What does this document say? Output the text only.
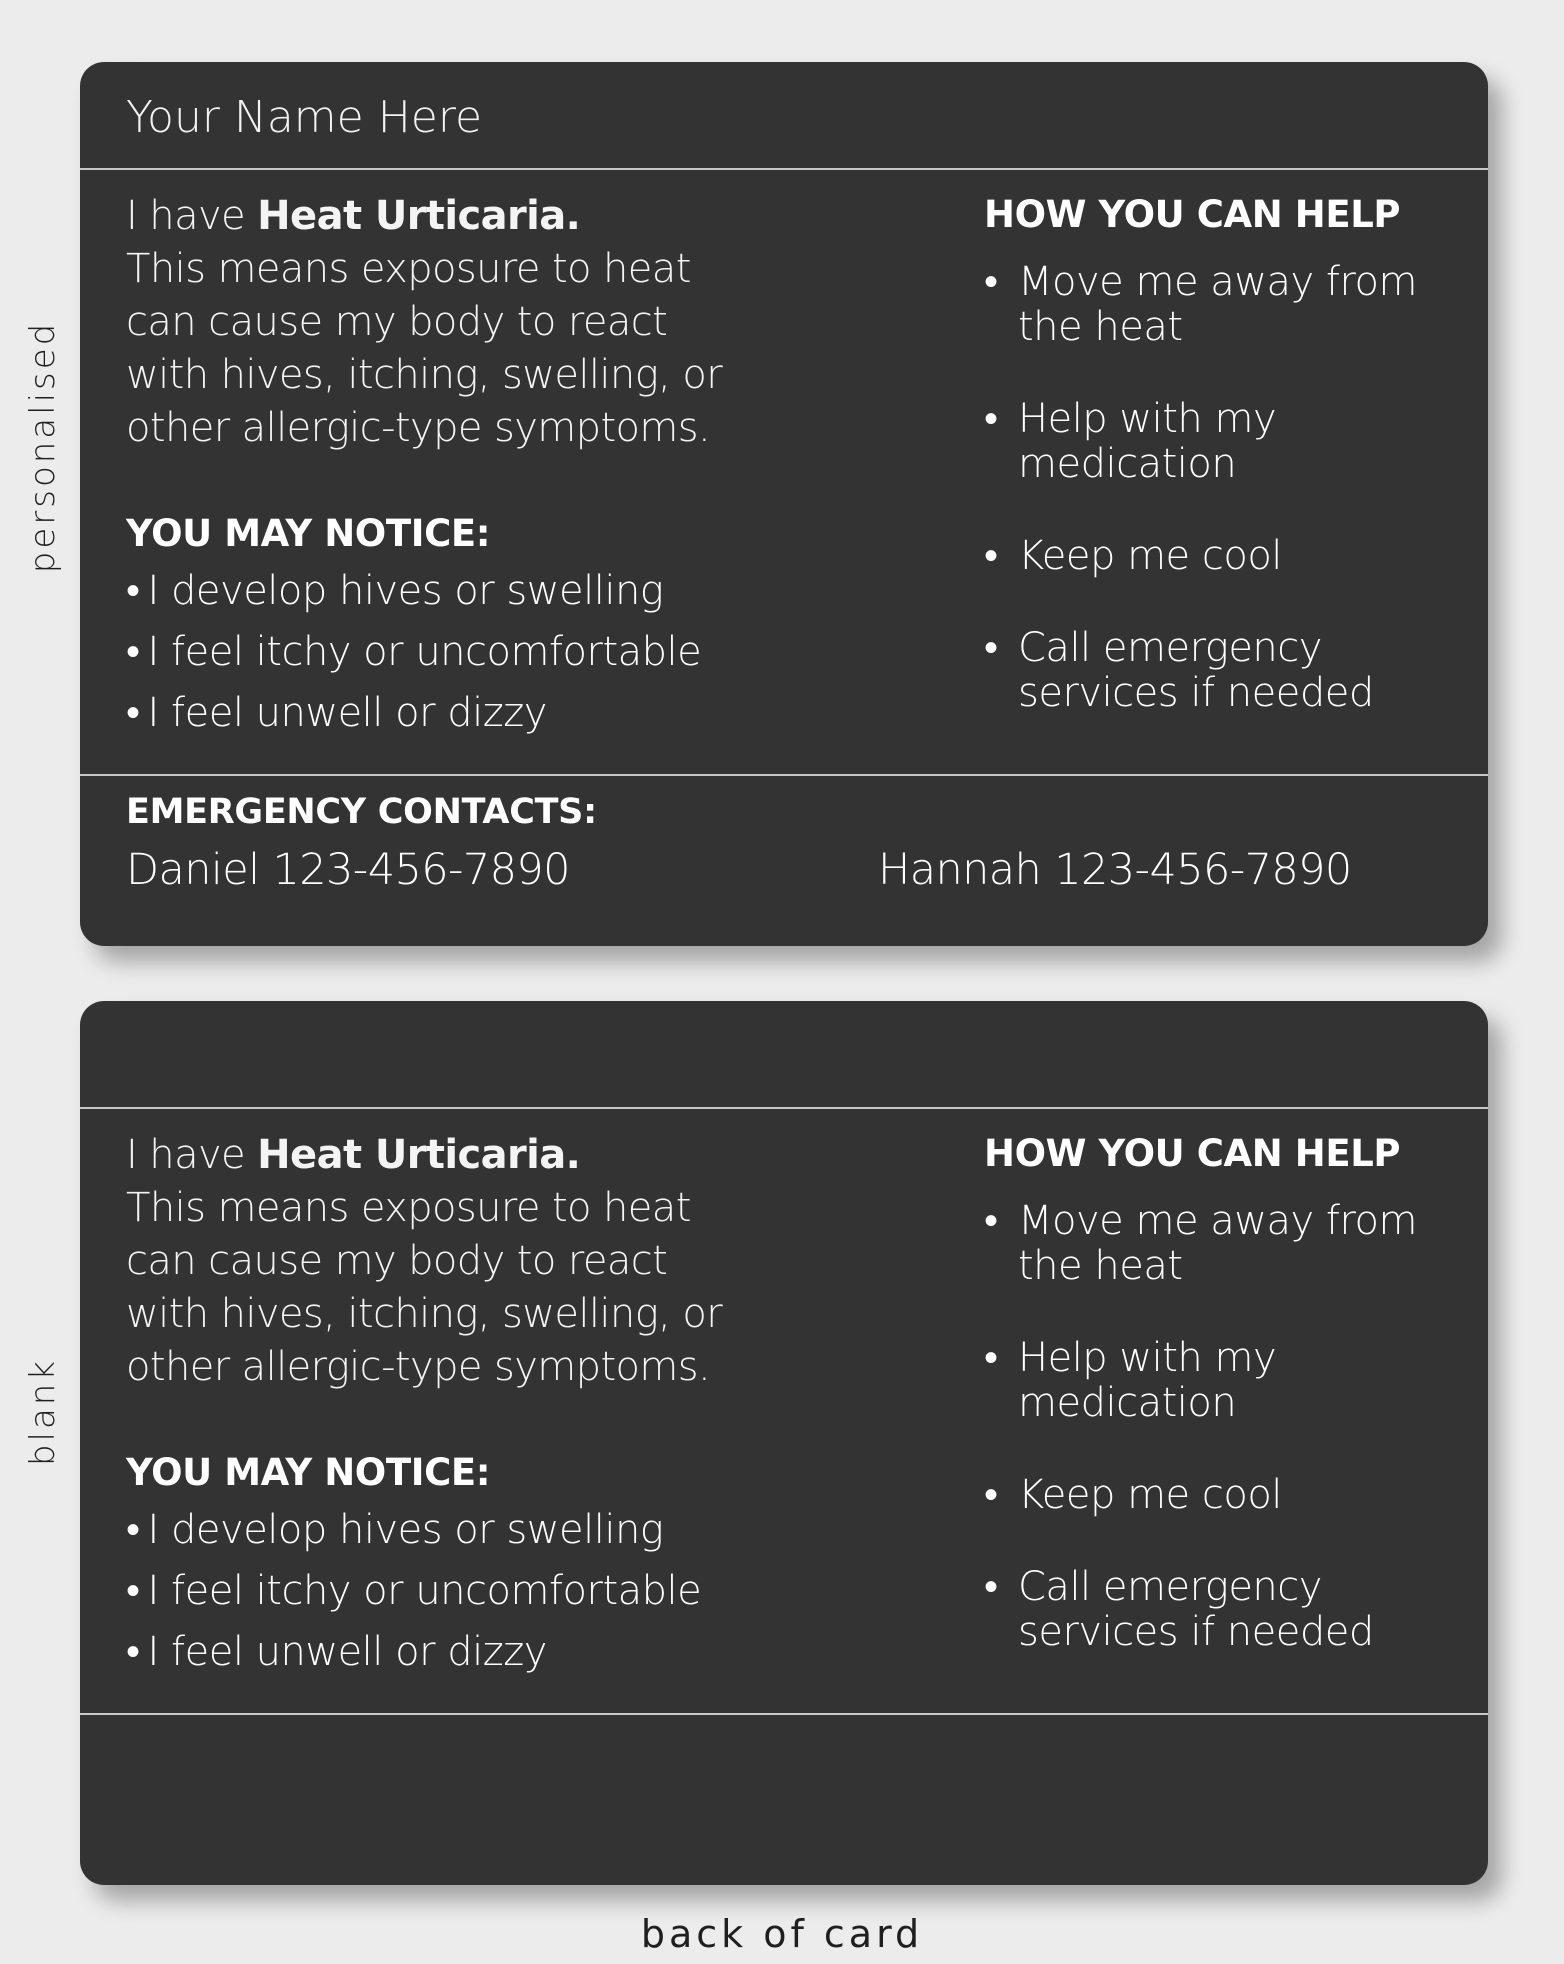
personalised
blank
Your Name Here
I have Heat Urticaria.
This means exposure to heat
can cause my body to react
with hives, itching, swelling, or
other allergic-type symptoms.
YOU MAY NOTICE:
• I develop hives or swelling
• I feel itchy or uncomfortable
• I feel unwell or dizzy
HOW YOU CAN HELP
• Move me away from the heat
• Help with my medication
• Keep me cool
• Call emergency services if needed
EMERGENCY CONTACTS:
Daniel 123-456-7890	Hannah 123-456-7890
I have Heat Urticaria.
This means exposure to heat
can cause my body to react
with hives, itching, swelling, or
other allergic-type symptoms.
YOU MAY NOTICE:
• I develop hives or swelling
• I feel itchy or uncomfortable
• I feel unwell or dizzy
HOW YOU CAN HELP
• Move me away from the heat
• Help with my medication
• Keep me cool
• Call emergency services if needed
back of card
